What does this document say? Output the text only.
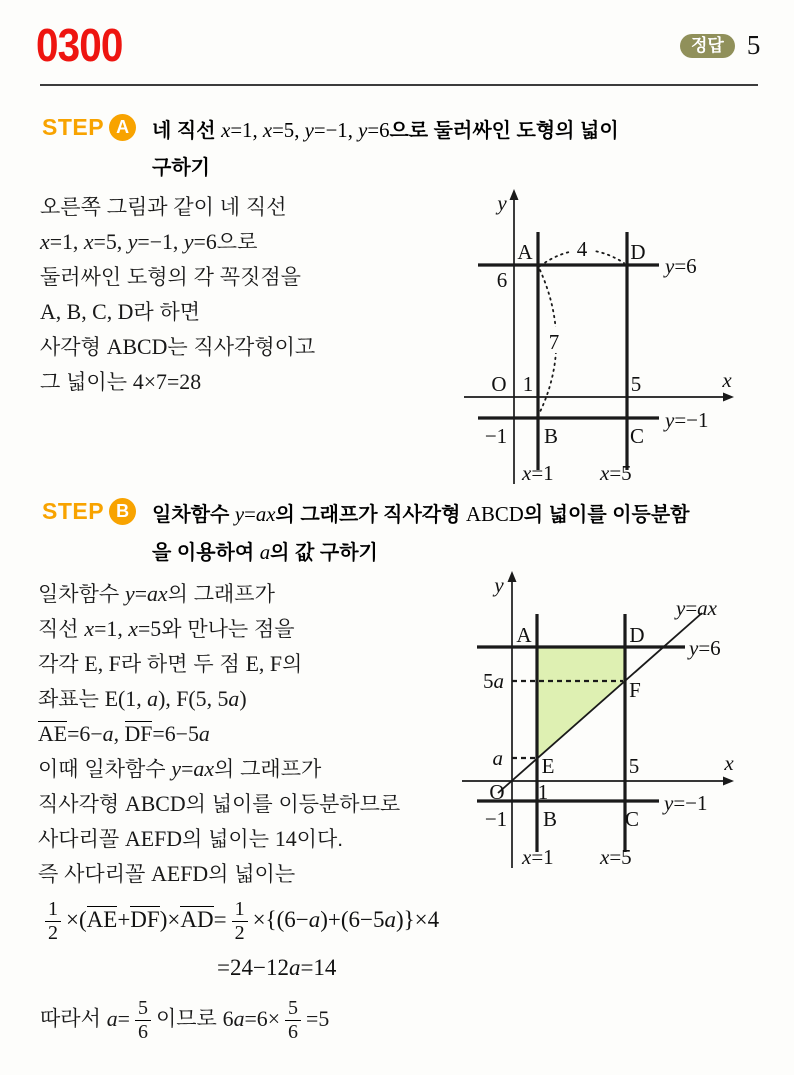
0300	정답 5
STEP A	네 직선 x=1, x=5, y=−1, y=6으로 둘러싸인 도형의 넓이
구하기
오른쪽 그림과 같이 네 직선
x=1, x=5, y=−1, y=6으로
둘러싸인 도형의 각 꼭짓점을
A, B, C, D라 하면
사각형 ABCD는 직사각형이고
그 넓이는 4×7=28
y
x
A	D
4
6
7
O 1	5
−1 B	C
y=6
y=−1
x=1 x=5
STEP B	일차함수 y=ax의 그래프가 직사각형 ABCD의 넓이를 이등분함
을 이용하여 a의 값 구하기
일차함수 y=ax의 그래프가
직선 x=1, x=5와 만나는 점을
각각 E, F라 하면 두 점 E, F의
좌표는 E(1, a), F(5, 5a)
AE=6−a, DF=6−5a
이때 일차함수 y=ax의 그래프가
직사각형 ABCD의 넓이를 이등분하므로
사다리꼴 AEFD의 넓이는 14이다.
즉 사다리꼴 AEFD의 넓이는
y
x
A	D
y=ax
y=6
5a	F
a E	5
O 1
−1 B	C
y=−1
x=1 x=5
$\frac{1}{2} \times(AE+DF)\times AD= \frac{1}{2} \times\{(6-a)+(6-5a)\}\times 4$
=24−12a=14
따라서 $a= \frac{5}{6}$ 이므로 $6a=6\times \frac{5}{6} =5$
